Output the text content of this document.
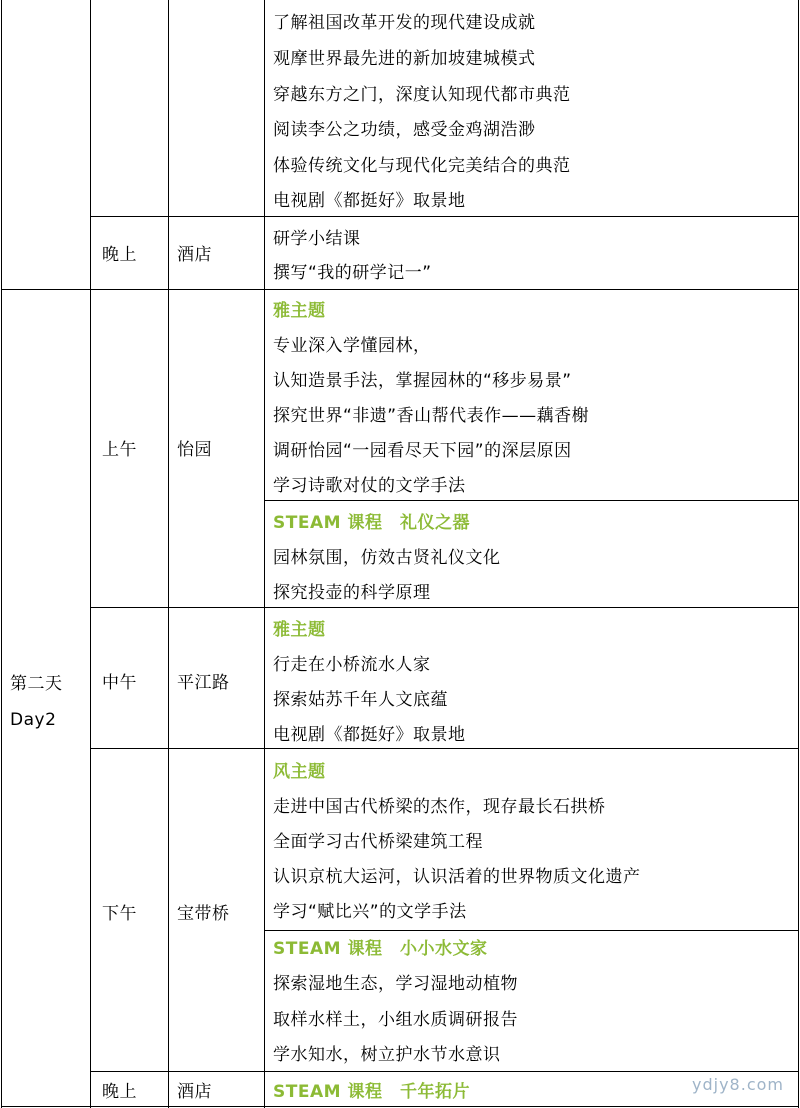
了解祖国改革开发的现代建设成就
观摩世界最先进的新加坡建城模式
穿越东方之门，深度认知现代都市典范
阅读李公之功绩，感受金鸡湖浩渺
体验传统文化与现代化完美结合的典范
电视剧《都挺好》取景地
晚上 酒店
研学小结课
撰写“我的研学记一”
第二天
Day2
上午 怡园
雅主题
专业深入学懂园林，
认知造景手法，掌握园林的“移步易景”
探究世界“非遗”香山帮代表作——藕香榭
调研怡园“一园看尽天下园”的深层原因
学习诗歌对仗的文学手法
STEAM 课程　礼仪之器
园林氛围，仿效古贤礼仪文化
探究投壶的科学原理
中午 平江路
雅主题
行走在小桥流水人家
探索姑苏千年人文底蕴
电视剧《都挺好》取景地
下午 宝带桥
风主题
走进中国古代桥梁的杰作，现存最长石拱桥
全面学习古代桥梁建筑工程
认识京杭大运河，认识活着的世界物质文化遗产
学习“赋比兴”的文学手法
STEAM 课程　小小水文家
探索湿地生态，学习湿地动植物
取样水样土，小组水质调研报告
学水知水，树立护水节水意识
晚上 酒店	STEAM 课程　千年拓片	ydjy8.com
